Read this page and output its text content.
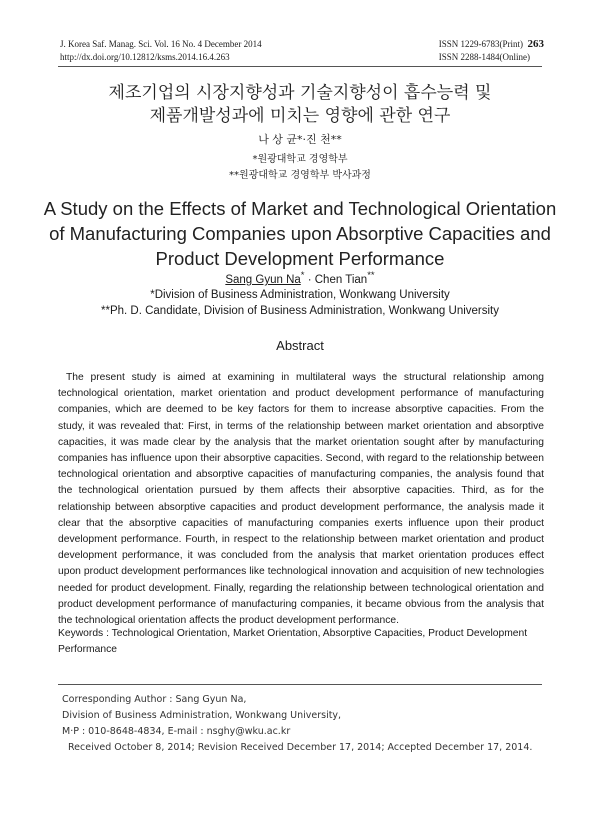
J. Korea Saf. Manag. Sci. Vol. 16 No. 4 December 2014
http://dx.doi.org/10.12812/ksms.2014.16.4.263
ISSN 1229-6783(Print)
ISSN 2288-1484(Online)
263
제조기업의 시장지향성과 기술지향성이 흡수능력 및
제품개발성과에 미치는 영향에 관한 연구
나 상 균*·진 천**
*원광대학교 경영학부
**원광대학교 경영학부 박사과정
A Study on the Effects of Market and Technological Orientation
of Manufacturing Companies upon Absorptive Capacities and
Product Development Performance
Sang Gyun Na* · Chen Tian**
*Division of Business Administration, Wonkwang University
**Ph. D. Candidate, Division of Business Administration, Wonkwang University
Abstract

The present study is aimed at examining in multilateral ways the structural relationship among technological orientation, market orientation and product development performance of manufacturing companies, which are deemed to be key factors for them to increase absorptive capacities. From the study, it was revealed that: First, in terms of the relationship between market orientation and absorptive capacities, it was made clear by the analysis that the market orientation sought after by manufacturing companies has influence upon their absorptive capacities. Second, with regard to the relationship between technological orientation and absorptive capacities of manufacturing companies, the analysis found that the technological orientation pursued by them affects their absorptive capacities. Third, as for the relationship between absorptive capacities and product development performance, the analysis made it clear that the absorptive capacities of manufacturing companies exerts influence upon their product development performance. Fourth, in respect to the relationship between market orientation and product development performance, it was concluded from the analysis that market orientation produces effect upon product development performances like technological innovation and acquisition of new technologies needed for product development. Finally, regarding the relationship between technological orientation and product development performance of manufacturing companies, it became obvious from the analysis that the technological orientation affects the product development performance.

Keywords : Technological Orientation, Market Orientation, Absorptive Capacities, Product Development Performance

Corresponding Author : Sang Gyun Na,
Division of Business Administration, Wonkwang University,
M·P : 010-8648-4834, E-mail : nsghy@wku.ac.kr
Received October 8, 2014; Revision Received December 17, 2014; Accepted December 17, 2014.
